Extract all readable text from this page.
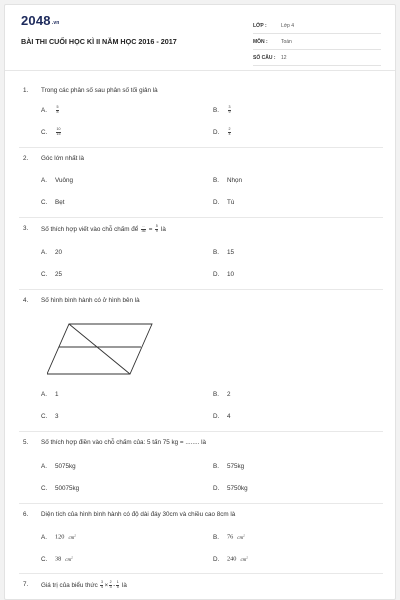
2048.vn
BÀI THI CUỐI HỌC KÌ II NĂM HỌC 2016 - 2017
LỚP :	Lớp 4
MÔN :	Toán
SỐ CÂU :	12
1. Trong các phân số sau phân số tối giản là
A.	$\frac{5}{8}$	B.	$\frac{3}{9}$
C. $\frac{10}{15}$	D. $\frac{2}{4}$
2. Góc lớn nhất là
A. Vuông	B. Nhọn
C. Bẹt	D. Tù
3. Số thích hợp viết vào chỗ chấm để $\frac{...}{36} = \frac{5}{9}$ là
A. 20	B. 15
C. 25	D. 10
4. Số hình bình hành có ở hình bên là
A. 1	B. 2
C. 3	D. 4
5. Số thích hợp điền vào chỗ chấm của: 5 tấn 75 kg = ........ là
A. 5075kg	B. 575kg
C. 50075kg	D. 5750kg
6. Diện tích của hình bình hành có độ dài đáy 30cm và chiều cao 8cm là
A. 120 $cm^2$	B. 76 $cm^2$
C. 38 $cm^2$	D. 240 $cm^2$
7. Giá trị của biểu thức $\frac{3}{4} \times \frac{2}{3} - \frac{1}{5}$ là
